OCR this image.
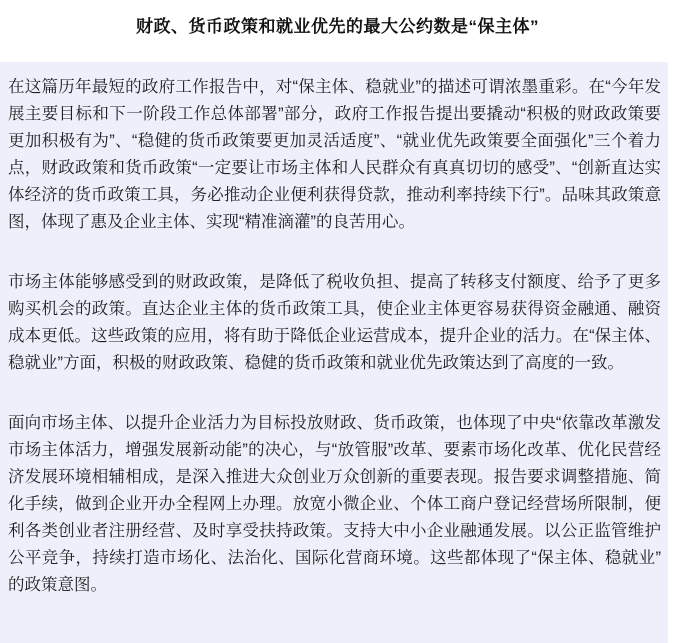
财政、货币政策和就业优先的最大公约数是“保主体”

在这篇历年最短的政府工作报告中，对“保主体、稳就业”的描述可谓浓墨重彩。在“今年发展主要目标和下一阶段工作总体部署”部分，政府工作报告提出要撬动“积极的财政政策要更加积极有为”、“稳健的货币政策要更加灵活适度”、“就业优先政策要全面强化”三个着力点，财政政策和货币政策“一定要让市场主体和人民群众有真真切切的感受”、“创新直达实体经济的货币政策工具，务必推动企业便利获得贷款，推动利率持续下行”。品味其政策意图，体现了惠及企业主体、实现“精准滴灌”的良苦用心。

市场主体能够感受到的财政政策，是降低了税收负担、提高了转移支付额度、给予了更多购买机会的政策。直达企业主体的货币政策工具，使企业主体更容易获得资金融通、融资成本更低。这些政策的应用，将有助于降低企业运营成本，提升企业的活力。在“保主体、稳就业”方面，积极的财政政策、稳健的货币政策和就业优先政策达到了高度的一致。

面向市场主体、以提升企业活力为目标投放财政、货币政策，也体现了中央“依靠改革激发市场主体活力，增强发展新动能”的决心，与“放管服”改革、要素市场化改革、优化民营经济发展环境相辅相成，是深入推进大众创业万众创新的重要表现。报告要求调整措施、简化手续，做到企业开办全程网上办理。放宽小微企业、个体工商户登记经营场所限制，便利各类创业者注册经营、及时享受扶持政策。支持大中小企业融通发展。以公正监管维护公平竞争，持续打造市场化、法治化、国际化营商环境。这些都体现了“保主体、稳就业”的政策意图。
